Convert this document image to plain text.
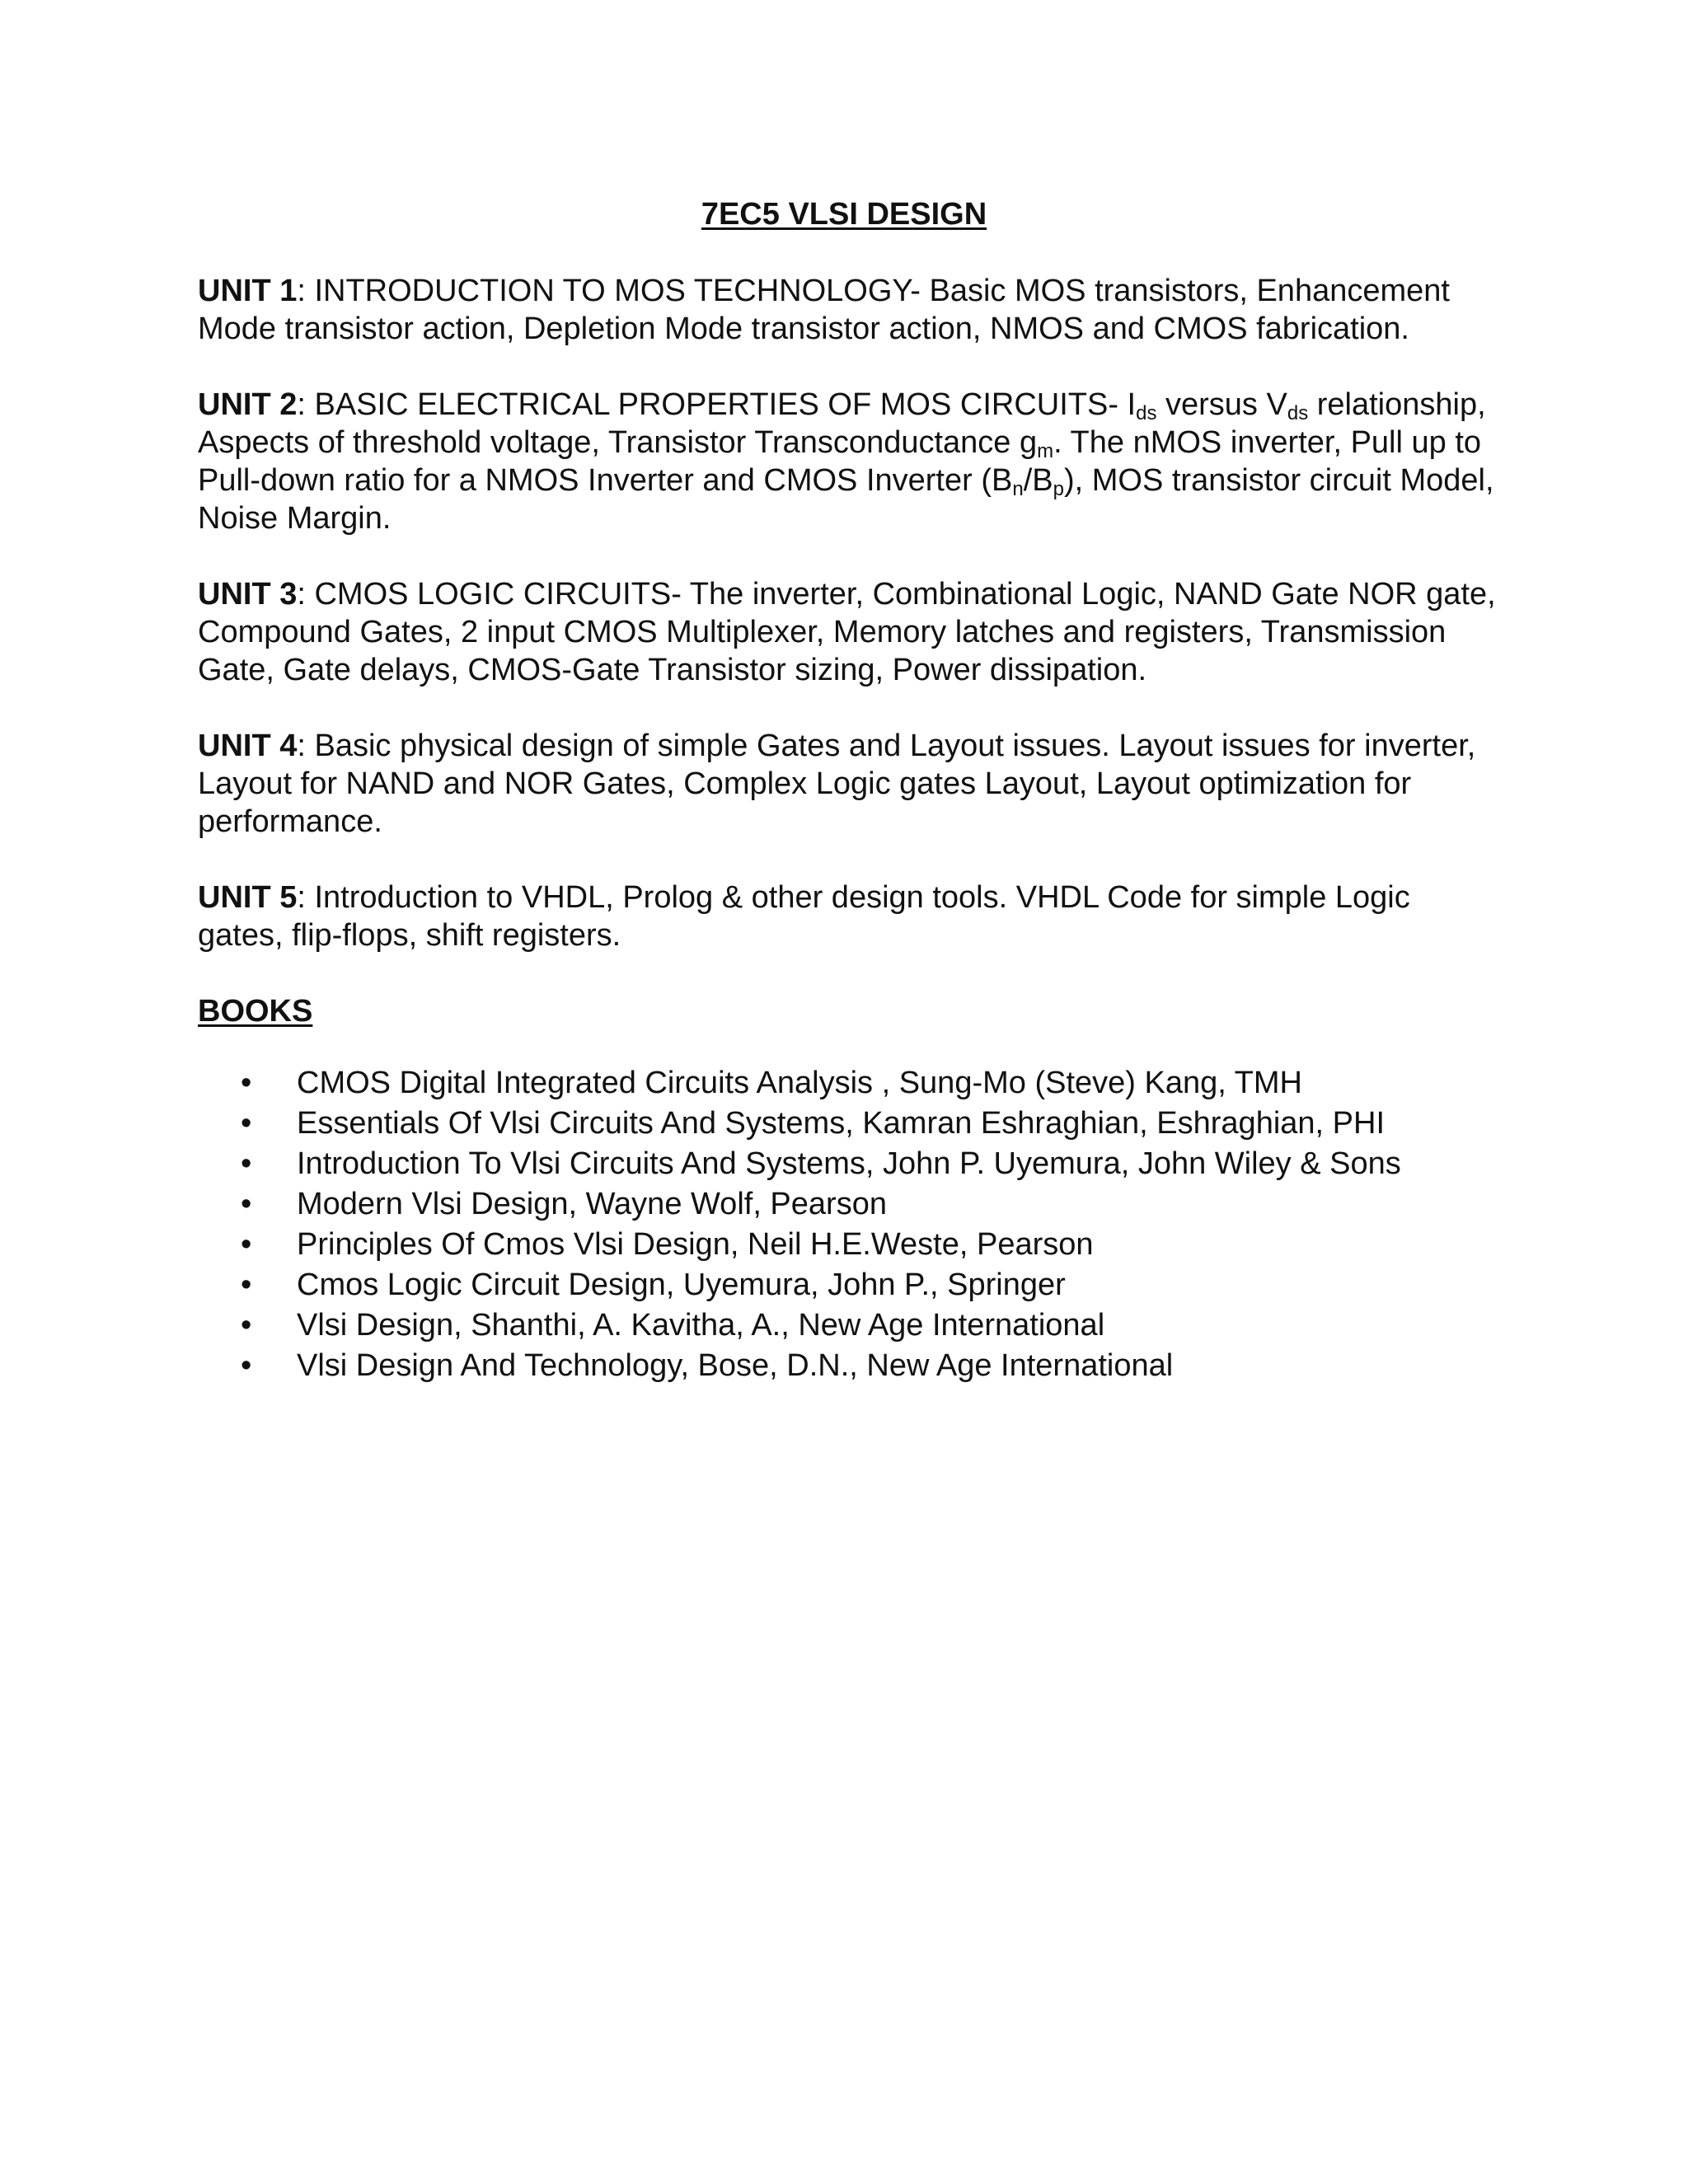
7EC5 VLSI DESIGN

UNIT 1: INTRODUCTION TO MOS TECHNOLOGY- Basic MOS transistors, Enhancement Mode transistor action, Depletion Mode transistor action, NMOS and CMOS fabrication.

UNIT 2: BASIC ELECTRICAL PROPERTIES OF MOS CIRCUITS- $I_{ds}$ versus $V_{ds}$ relationship, Aspects of threshold voltage, Transistor Transconductance $g_m$. The nMOS inverter, Pull up to Pull-down ratio for a NMOS Inverter and CMOS Inverter $(B_n/B_p)$, MOS transistor circuit Model, Noise Margin.

UNIT 3: CMOS LOGIC CIRCUITS- The inverter, Combinational Logic, NAND Gate NOR gate, Compound Gates, 2 input CMOS Multiplexer, Memory latches and registers, Transmission Gate, Gate delays, CMOS-Gate Transistor sizing, Power dissipation.

UNIT 4: Basic physical design of simple Gates and Layout issues. Layout issues for inverter, Layout for NAND and NOR Gates, Complex Logic gates Layout, Layout optimization for performance.

UNIT 5: Introduction to VHDL, Prolog & other design tools. VHDL Code for simple Logic gates, flip-flops, shift registers.

BOOKS
• CMOS Digital Integrated Circuits Analysis , Sung-Mo (Steve) Kang, TMH
• Essentials Of Vlsi Circuits And Systems, Kamran Eshraghian, Eshraghian, PHI
• Introduction To Vlsi Circuits And Systems, John P. Uyemura, John Wiley & Sons
• Modern Vlsi Design, Wayne Wolf, Pearson
• Principles Of Cmos Vlsi Design, Neil H.E.Weste, Pearson
• Cmos Logic Circuit Design, Uyemura, John P., Springer
• Vlsi Design, Shanthi, A. Kavitha, A., New Age International
• Vlsi Design And Technology, Bose, D.N., New Age International
